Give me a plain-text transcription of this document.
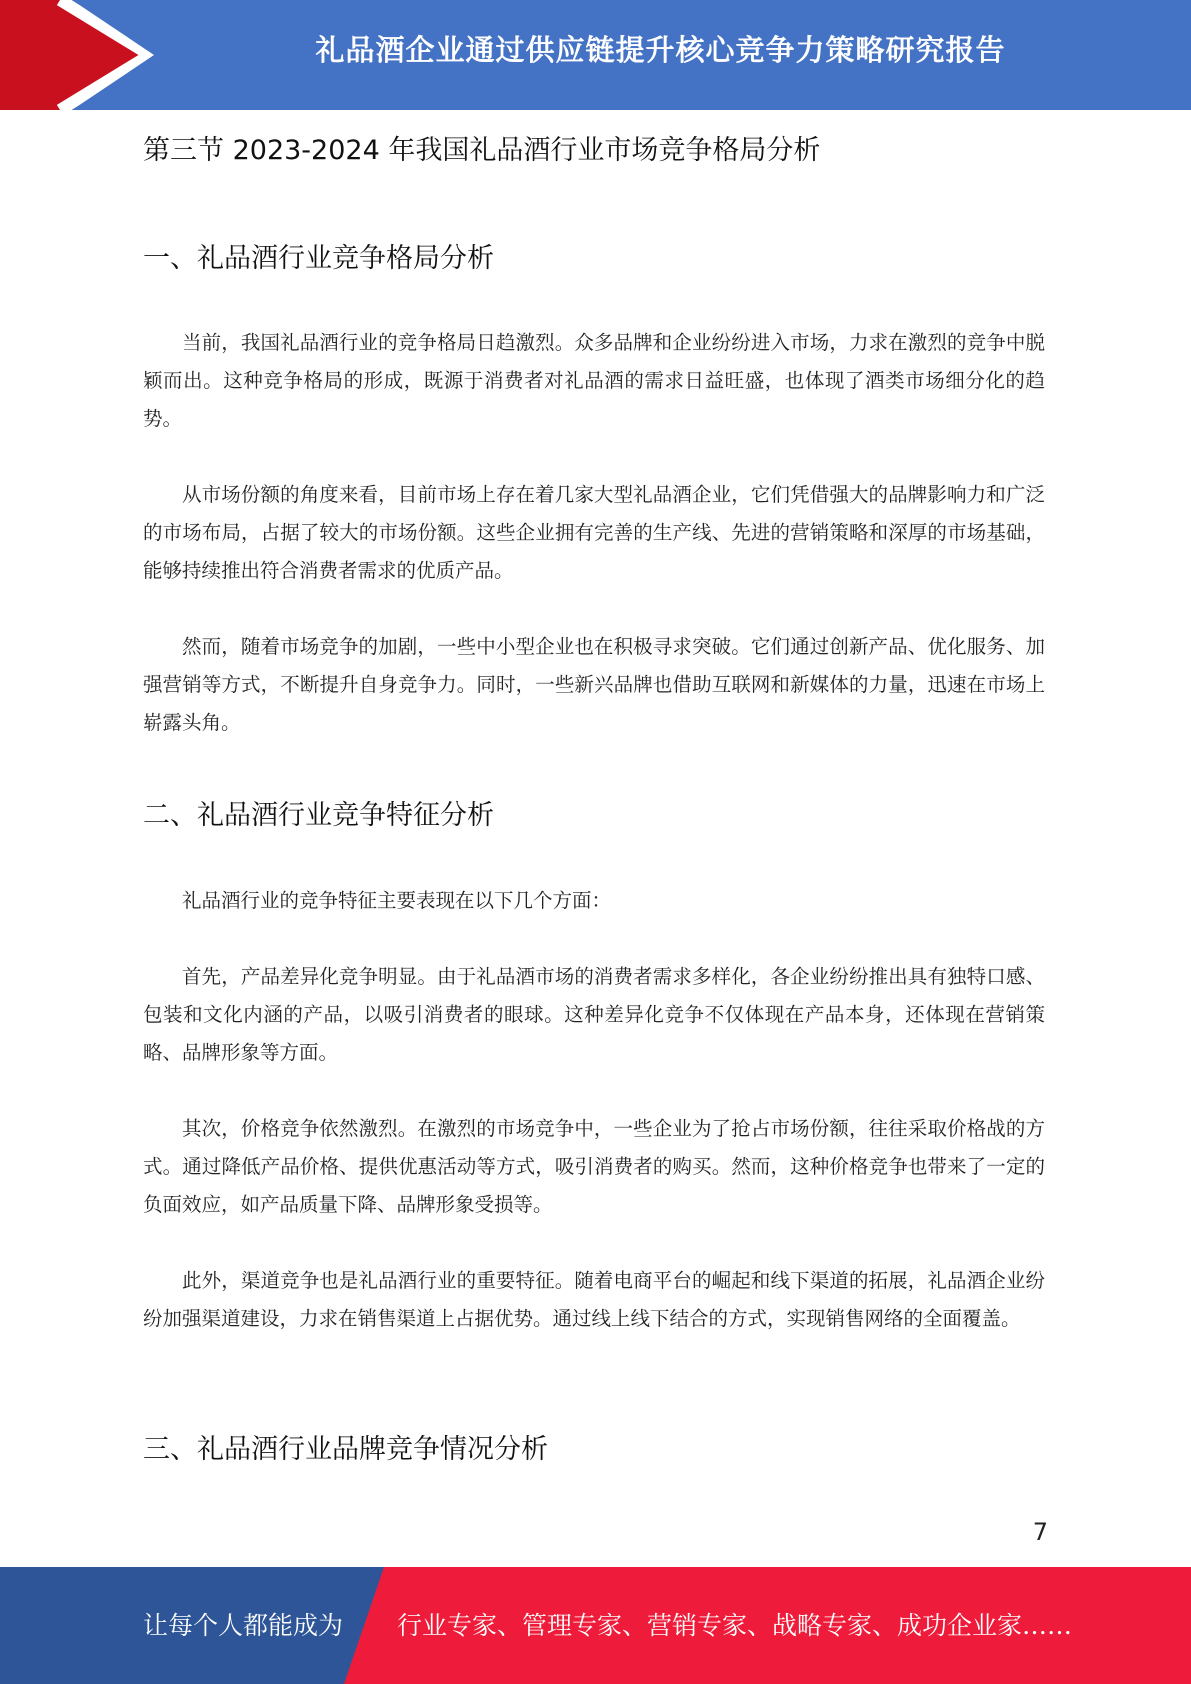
礼品酒企业通过供应链提升核心竞争力策略研究报告
第三节 2023-2024 年我国礼品酒行业市场竞争格局分析
一、礼品酒行业竞争格局分析

当前，我国礼品酒行业的竞争格局日趋激烈。众多品牌和企业纷纷进入市场，力求在激烈的竞争中脱颖而出。这种竞争格局的形成，既源于消费者对礼品酒的需求日益旺盛，也体现了酒类市场细分化的趋势。

从市场份额的角度来看，目前市场上存在着几家大型礼品酒企业，它们凭借强大的品牌影响力和广泛的市场布局，占据了较大的市场份额。这些企业拥有完善的生产线、先进的营销策略和深厚的市场基础，能够持续推出符合消费者需求的优质产品。

然而，随着市场竞争的加剧，一些中小型企业也在积极寻求突破。它们通过创新产品、优化服务、加强营销等方式，不断提升自身竞争力。同时，一些新兴品牌也借助互联网和新媒体的力量，迅速在市场上崭露头角。

二、礼品酒行业竞争特征分析

礼品酒行业的竞争特征主要表现在以下几个方面：

首先，产品差异化竞争明显。由于礼品酒市场的消费者需求多样化，各企业纷纷推出具有独特口感、包装和文化内涵的产品，以吸引消费者的眼球。这种差异化竞争不仅体现在产品本身，还体现在营销策略、品牌形象等方面。

其次，价格竞争依然激烈。在激烈的市场竞争中，一些企业为了抢占市场份额，往往采取价格战的方式。通过降低产品价格、提供优惠活动等方式，吸引消费者的购买。然而，这种价格竞争也带来了一定的负面效应，如产品质量下降、品牌形象受损等。

此外，渠道竞争也是礼品酒行业的重要特征。随着电商平台的崛起和线下渠道的拓展，礼品酒企业纷纷加强渠道建设，力求在销售渠道上占据优势。通过线上线下结合的方式，实现销售网络的全面覆盖。

三、礼品酒行业品牌竞争情况分析
7
让每个人都能成为 行业专家、管理专家、营销专家、战略专家、成功企业家……
